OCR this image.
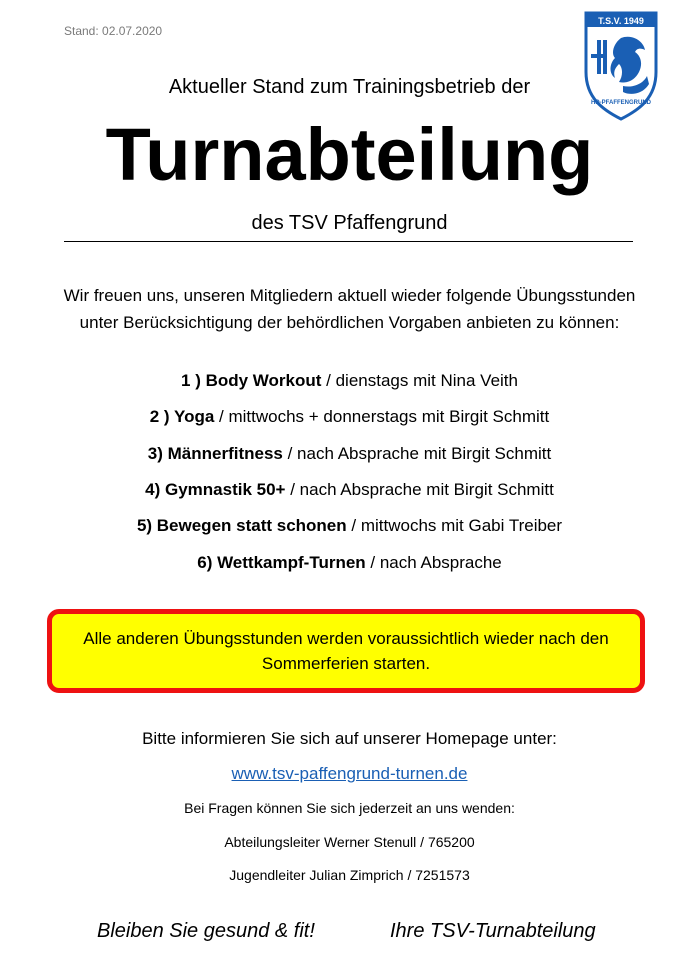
Stand: 02.07.2020
T.S.V. 1949
HD-PFAFFENGRUND
Aktueller Stand zum Trainingsbetrieb der
Turnabteilung
des TSV Pfaffengrund
Wir freuen uns, unseren Mitgliedern aktuell wieder folgende Übungsstunden unter Berücksichtigung der behördlichen Vorgaben anbieten zu können:
1 ) Body Workout / dienstags mit Nina Veith
2 ) Yoga / mittwochs + donnerstags mit Birgit Schmitt
3) Männerfitness / nach Absprache mit Birgit Schmitt
4) Gymnastik 50+ / nach Absprache mit Birgit Schmitt
5) Bewegen statt schonen / mittwochs mit Gabi Treiber
6) Wettkampf-Turnen / nach Absprache
Alle anderen Übungsstunden werden voraussichtlich wieder nach den Sommerferien starten.
Bitte informieren Sie sich auf unserer Homepage unter:
www.tsv-paffengrund-turnen.de
Bei Fragen können Sie sich jederzeit an uns wenden:
Abteilungsleiter Werner Stenull / 765200
Jugendleiter Julian Zimprich / 7251573
Bleiben Sie gesund & fit!	Ihre TSV-Turnabteilung
